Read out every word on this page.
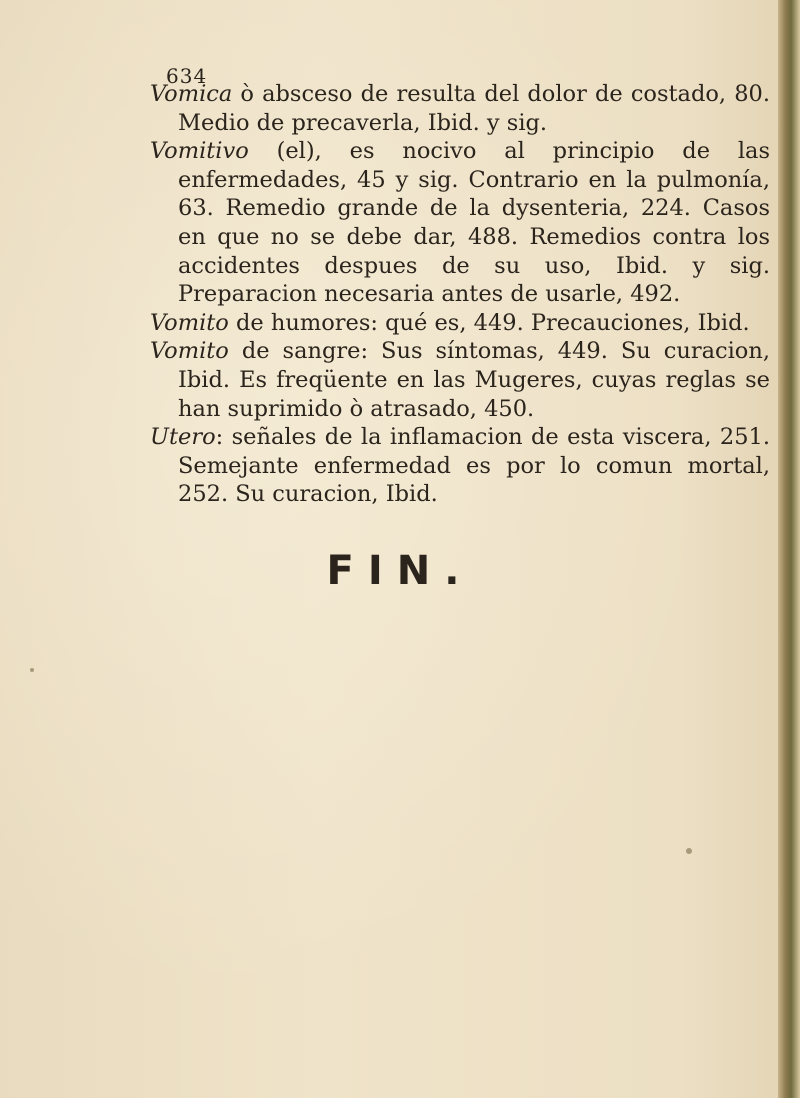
634

Vomica ò absceso de resulta del dolor de costado, 80. Medio de precaverla, Ibid. y sig.

Vomitivo (el), es nocivo al principio de las enfermedades, 45 y sig. Contrario en la pulmonía, 63. Remedio grande de la dysenteria, 224. Casos en que no se debe dar, 488. Remedios contra los accidentes despues de su uso, Ibid. y sig. Preparacion necesaria antes de usarle, 492.

Vomito de humores: qué es, 449. Precauciones, Ibid.

Vomito de sangre: Sus síntomas, 449. Su curacion, Ibid. Es freqüente en las Mugeres, cuyas reglas se han suprimido ò atrasado, 450.

Utero: señales de la inflamacion de esta viscera, 251. Semejante enfermedad es por lo comun mortal, 252. Su curacion, Ibid.

FIN.
